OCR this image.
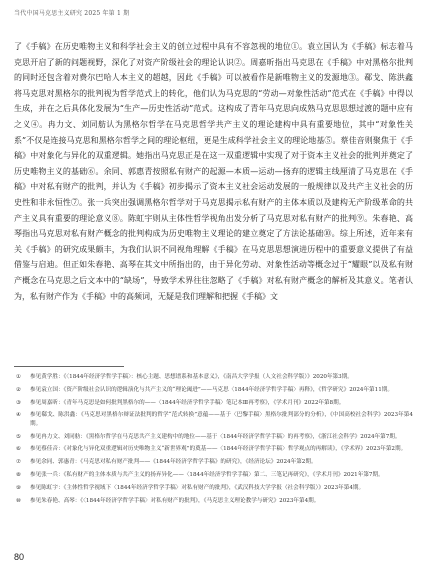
当代中国马克思主义研究 2025 年第 1 期

了《手稿》在历史唯物主义和科学社会主义的创立过程中具有不容忽视的地位①。袁立国认为《手稿》标志着马克思开启了新的问题视野，深化了对资产阶级社会的理论认识②。周嘉昕指出马克思在《手稿》中对黑格尔批判的同时还包含着对费尔巴哈人本主义的超越，因此《手稿》可以被看作是新唯物主义的发源地③。郗戈、陈洪鑫将马克思对黑格尔的批判视为哲学范式上的转化，他们认为马克思的“劳动—对象性活动”范式在《手稿》中得以生成，并在之后具体化发展为“生产—历史性活动”范式。这构成了青年马克思向成熟马克思思想过渡的题中应有之义④。冉力文、刘同舫认为黑格尔哲学在马克思哲学共产主义的理论建构中具有重要地位，其中“对象性关系”不仅是连接马克思和黑格尔哲学之间的理论枢纽，更是生成科学社会主义的理论地基⑤。蔡佳音则聚焦于《手稿》中对象化与异化的双重逻辑。她指出马克思正是在这一双重逻辑中实现了对于资本主义社会的批判并奠定了历史唯物主义的基础⑥。余同、郭惠青按照私有财产的起源—本质—运动—扬弃的逻辑主线厘清了马克思在《手稿》中对私有财产的批判，并认为《手稿》初步揭示了资本主义社会运动发展的一般规律以及共产主义社会的历史性和非永恒性⑦。张一兵突出强调黑格尔哲学对于马克思揭示私有财产的主体本质以及建构无产阶级革命的共产主义具有重要的理论意义⑧。陈虹宇则从主体性哲学视角出发分析了马克思对私有财产的批判⑨。朱春艳、高琴指出马克思对私有财产概念的批判构成为历史唯物主义理论的建立奠定了方法论基础⑩。综上所述，近年来有关《手稿》的研究成果颇丰，为我们认识不同视角理解《手稿》在马克思思想演进历程中的重要意义提供了有益借鉴与启迪。但正如朱春艳、高琴在其文中所指出的，由于异化劳动、对象性活动等概念过于“耀眼”以及私有财产概念在马克思之后文本中的“缺场”，导致学术界往往忽略了《手稿》对私有财产概念的解析及其意义。笔者认为，私有财产作为《手稿》中的高频词，无疑是我们理解和把握《手稿》文

①	参见黄学胜：《〈1844年经济学哲学手稿〉：核心主题、思想谱系和基本意义》，《南昌大学学报（人文社会科学版）》2020年第3期。
②	参见袁立国：《资产阶级社会认识的逻辑演化与共产主义的“理论阈进”——马克思〈1844年经济学哲学手稿〉再释》，《哲学研究》2024年第11期。
③	参见周嘉昕：《青年马克思是如何批判黑格尔的——〈1844年经济学哲学手稿〉笔记本Ⅲ再考察》，《学术月刊》2022年第8期。
④	参见郗戈、陈洪鑫：《马克思对黑格尔辩证法批判的哲学“范式转换”意蕴——基于〈巴黎手稿〉黑格尔批判部分的分析》，《中国高校社会科学》2023年第4期。
⑤	参见冉力文、刘同舫：《黑格尔哲学在马克思共产主义建构中的地位——基于〈1844年经济学哲学手稿〉的再考察》，《浙江社会科学》2024年第7期。
⑥	参见蔡佳音：《对象化与异化双重逻辑对历史唯物主义“新世界观”的奠基——〈1844年经济学哲学手稿〉哲学观点的再解读》，《学术界》2023年第2期。
⑦	参见余同、郭惠青：《马克思对私有财产批判——《1844年经济学哲学手稿》的研究》，《经济论坛》2024年第2期。
⑧	参见张一兵：《私有财产的主体本质与共产主义的扬弃异化——〈1844年经济学哲学手稿〉第二、三笔记再研究》，《学术月刊》2021年第7期。
⑨	参见陈虹宇：《主体性哲学视域下〈1844年经济学哲学手稿〉对私有财产的批判》，《武汉科技大学学报（社会科学版）》2023年第4期。
⑩	参见朱春艳、高琴：《〈1844年经济学哲学手稿〉对私有财产的批判》，《马克思主义理论教学与研究》2023年第4期。
80
